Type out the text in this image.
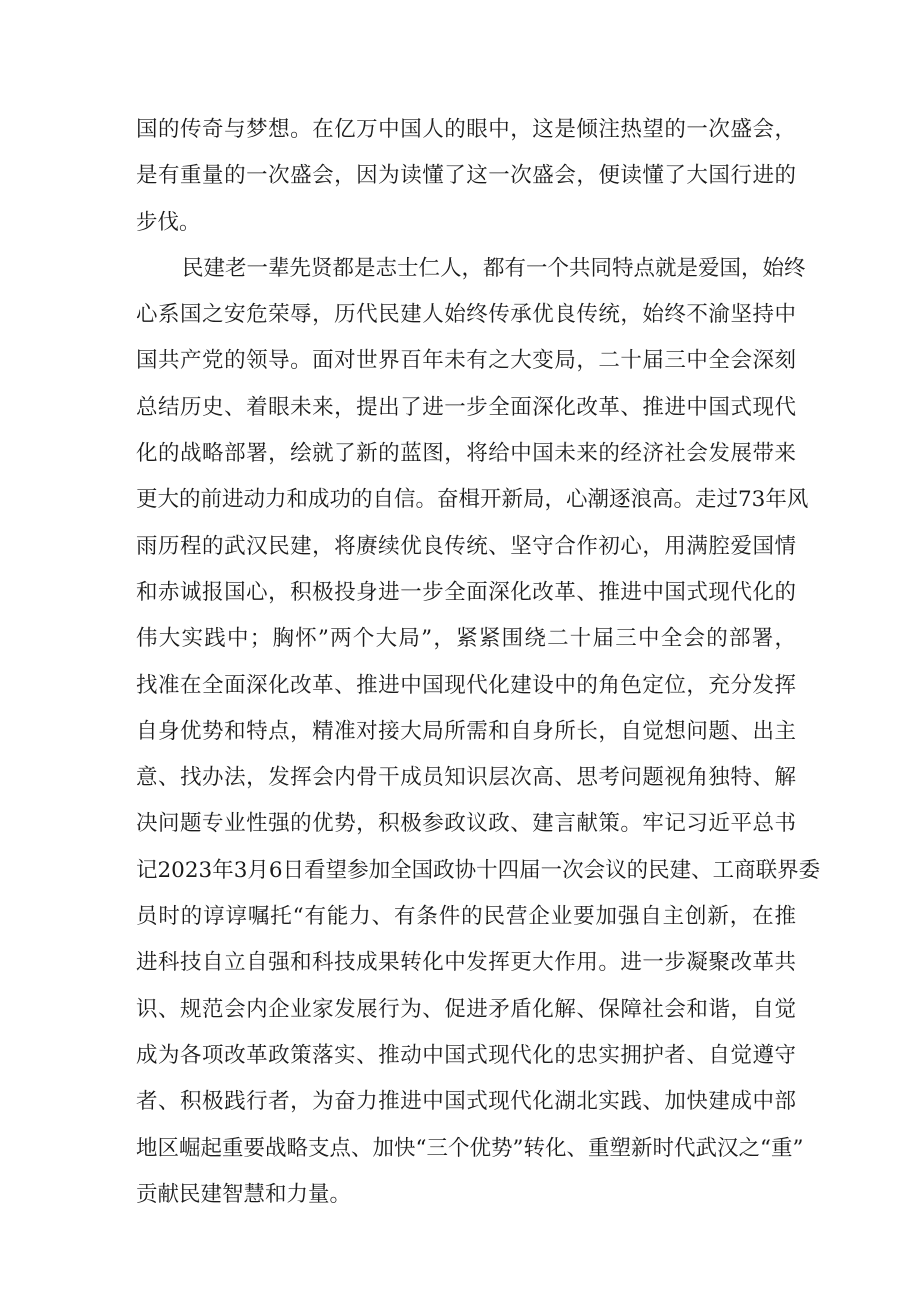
国的传奇与梦想。在亿万中国人的眼中，这是倾注热望的一次盛会，
是有重量的一次盛会，因为读懂了这一次盛会，便读懂了大国行进的
步伐。
民建老一辈先贤都是志士仁人，都有一个共同特点就是爱国，始终
心系国之安危荣辱，历代民建人始终传承优良传统，始终不渝坚持中
国共产党的领导。面对世界百年未有之大变局，二十届三中全会深刻
总结历史、着眼未来，提出了进一步全面深化改革、推进中国式现代
化的战略部署，绘就了新的蓝图，将给中国未来的经济社会发展带来
更大的前进动力和成功的自信。奋楫开新局，心潮逐浪高。走过73年风
雨历程的武汉民建，将赓续优良传统、坚守合作初心，用满腔爱国情
和赤诚报国心，积极投身进一步全面深化改革、推进中国式现代化的
伟大实践中；胸怀”两个大局”，紧紧围绕二十届三中全会的部署，
找准在全面深化改革、推进中国现代化建设中的角色定位，充分发挥
自身优势和特点，精准对接大局所需和自身所长，自觉想问题、出主
意、找办法，发挥会内骨干成员知识层次高、思考问题视角独特、解
决问题专业性强的优势，积极参政议政、建言献策。牢记习近平总书
记2023年3月6日看望参加全国政协十四届一次会议的民建、工商联界委
员时的谆谆嘱托“有能力、有条件的民营企业要加强自主创新，在推
进科技自立自强和科技成果转化中发挥更大作用。进一步凝聚改革共
识、规范会内企业家发展行为、促进矛盾化解、保障社会和谐，自觉
成为各项改革政策落实、推动中国式现代化的忠实拥护者、自觉遵守
者、积极践行者，为奋力推进中国式现代化湖北实践、加快建成中部
地区崛起重要战略支点、加快“三个优势”转化、重塑新时代武汉之“重”
贡献民建智慧和力量。
